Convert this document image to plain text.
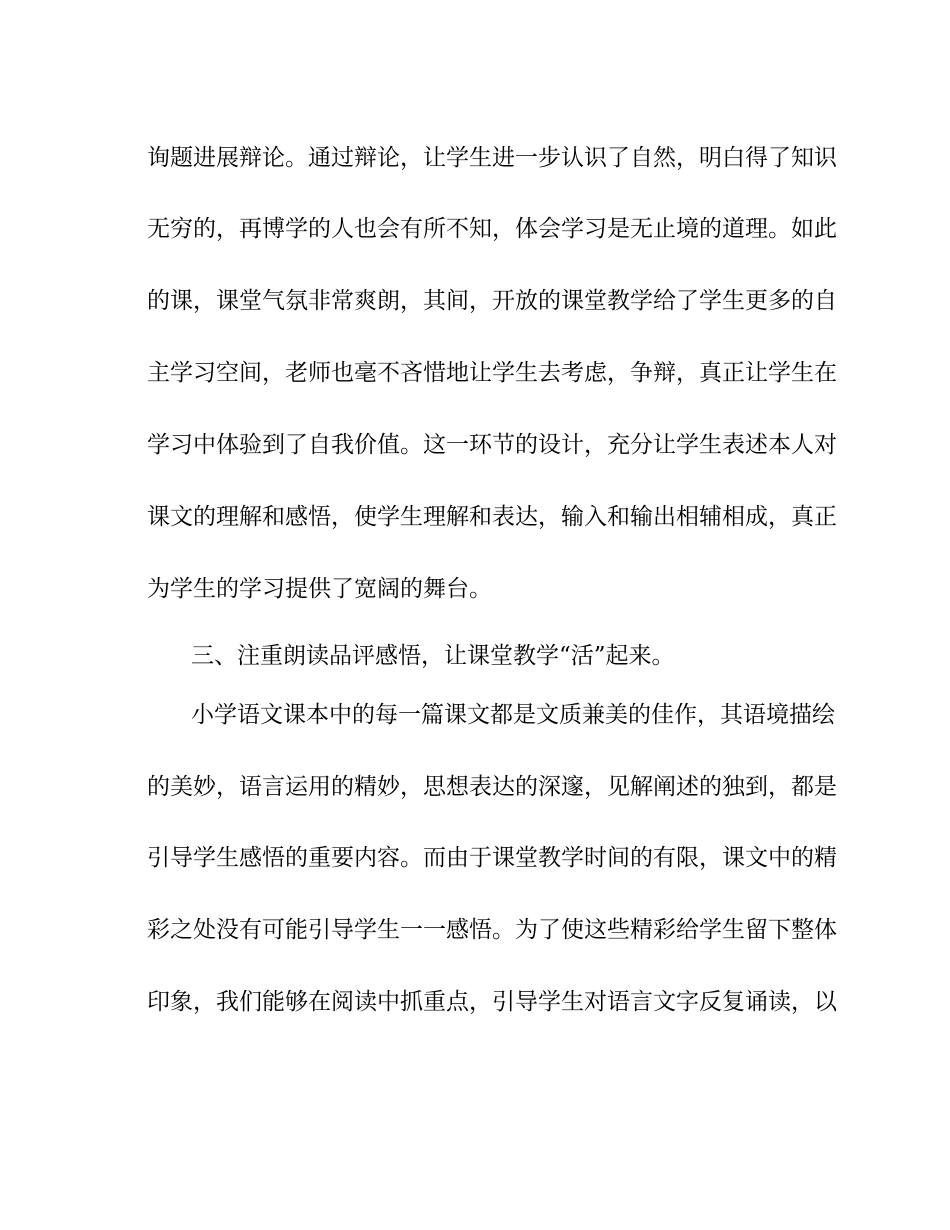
询题进展辩论。通过辩论，让学生进一步认识了自然，明白得了知识
无穷的，再博学的人也会有所不知，体会学习是无止境的道理。如此
的课，课堂气氛非常爽朗，其间，开放的课堂教学给了学生更多的自
主学习空间，老师也毫不吝惜地让学生去考虑，争辩，真正让学生在
学习中体验到了自我价值。这一环节的设计，充分让学生表述本人对
课文的理解和感悟，使学生理解和表达，输入和输出相辅相成，真正
为学生的学习提供了宽阔的舞台。
三、注重朗读品评感悟，让课堂教学“活”起来。
小学语文课本中的每一篇课文都是文质兼美的佳作，其语境描绘
的美妙，语言运用的精妙，思想表达的深邃，见解阐述的独到，都是
引导学生感悟的重要内容。而由于课堂教学时间的有限，课文中的精
彩之处没有可能引导学生一一感悟。为了使这些精彩给学生留下整体
印象，我们能够在阅读中抓重点，引导学生对语言文字反复诵读，以
